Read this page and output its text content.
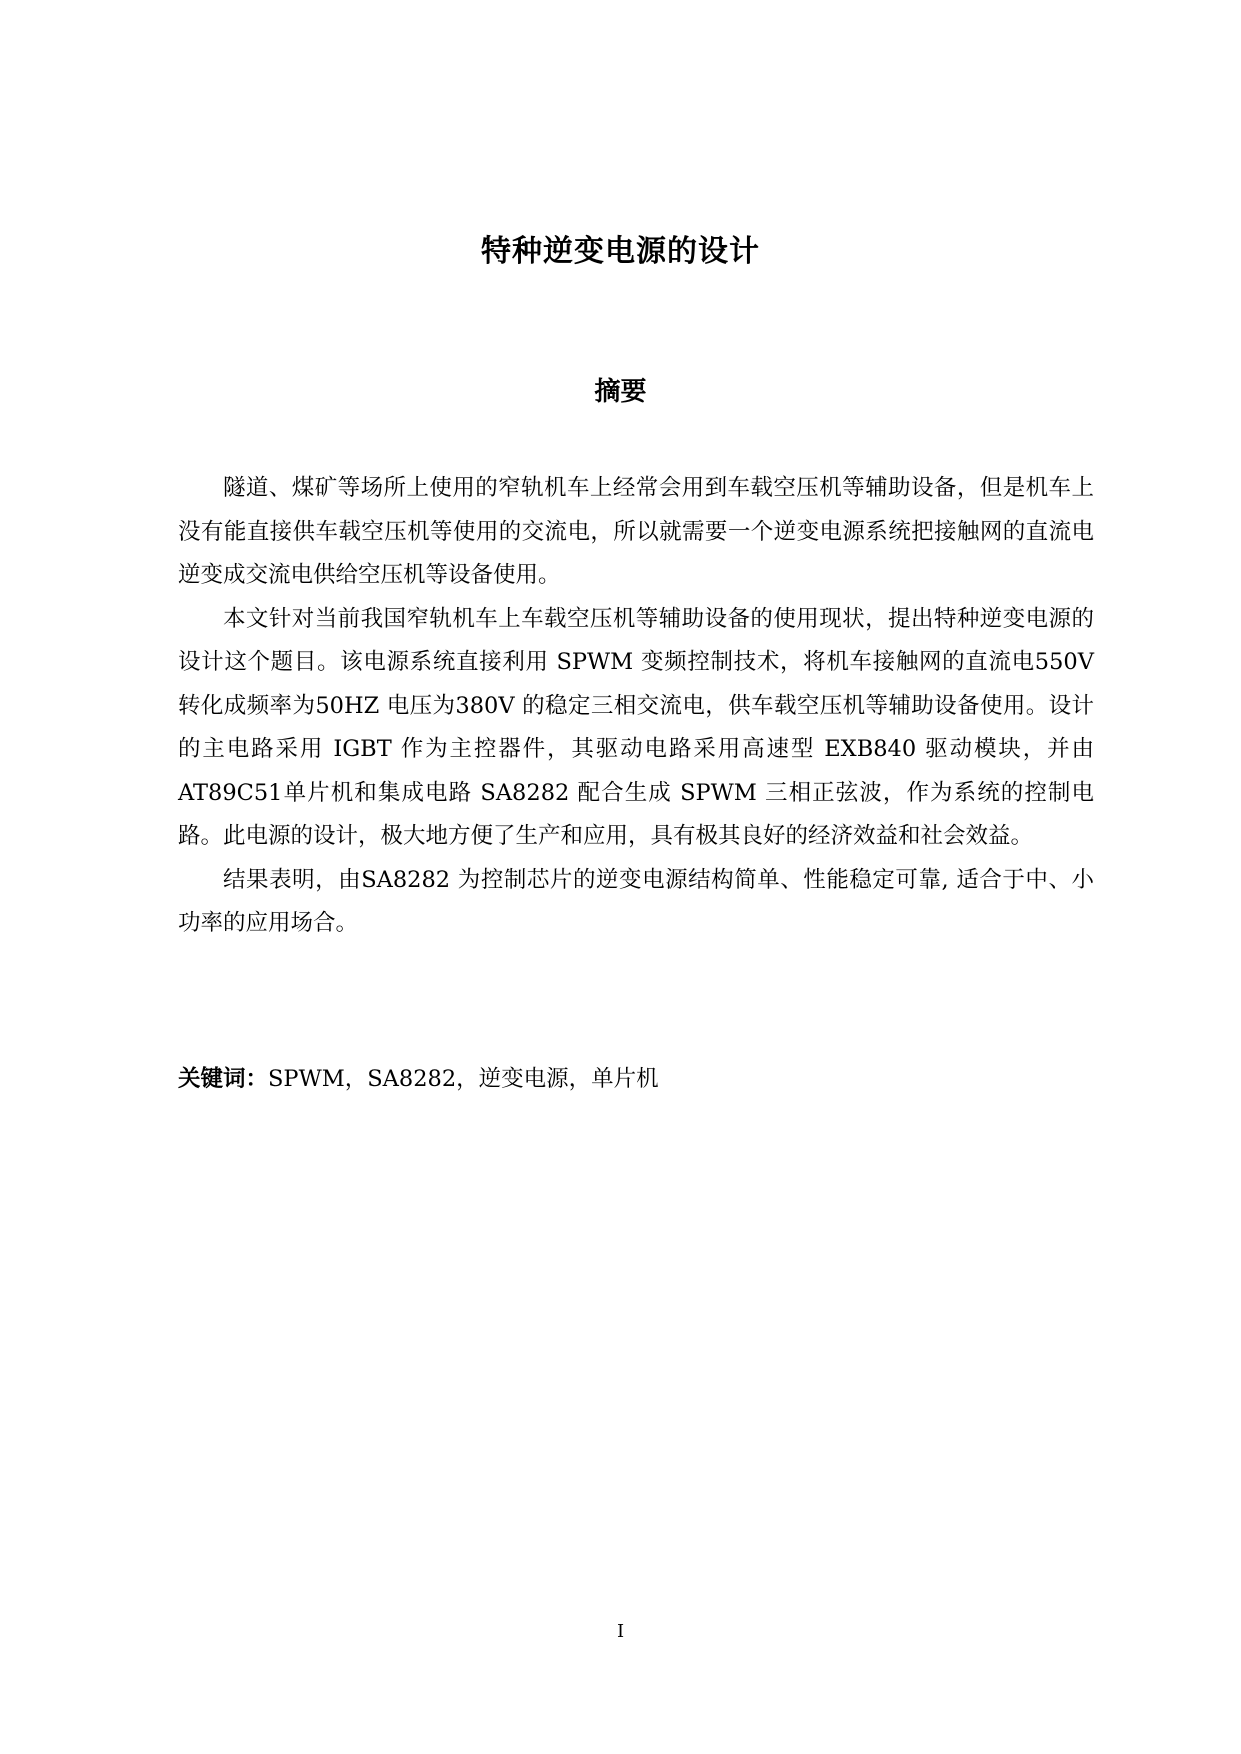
特种逆变电源的设计
摘要

隧道、煤矿等场所上使用的窄轨机车上经常会用到车载空压机等辅助设备，但是机车上没有能直接供车载空压机等使用的交流电，所以就需要一个逆变电源系统把接触网的直流电逆变成交流电供给空压机等设备使用。

本文针对当前我国窄轨机车上车载空压机等辅助设备的使用现状，提出特种逆变电源的设计这个题目。该电源系统直接利用 SPWM 变频控制技术，将机车接触网的直流电550V 转化成频率为50HZ 电压为380V 的稳定三相交流电，供车载空压机等辅助设备使用。设计的主电路采用 IGBT 作为主控器件，其驱动电路采用高速型 EXB840 驱动模块，并由 AT89C51单片机和集成电路 SA8282 配合生成 SPWM 三相正弦波，作为系统的控制电路。此电源的设计，极大地方便了生产和应用，具有极其良好的经济效益和社会效益。

结果表明，由SA8282 为控制芯片的逆变电源结构简单、性能稳定可靠, 适合于中、小功率的应用场合。

关键词：SPWM，SA8282，逆变电源，单片机
I
